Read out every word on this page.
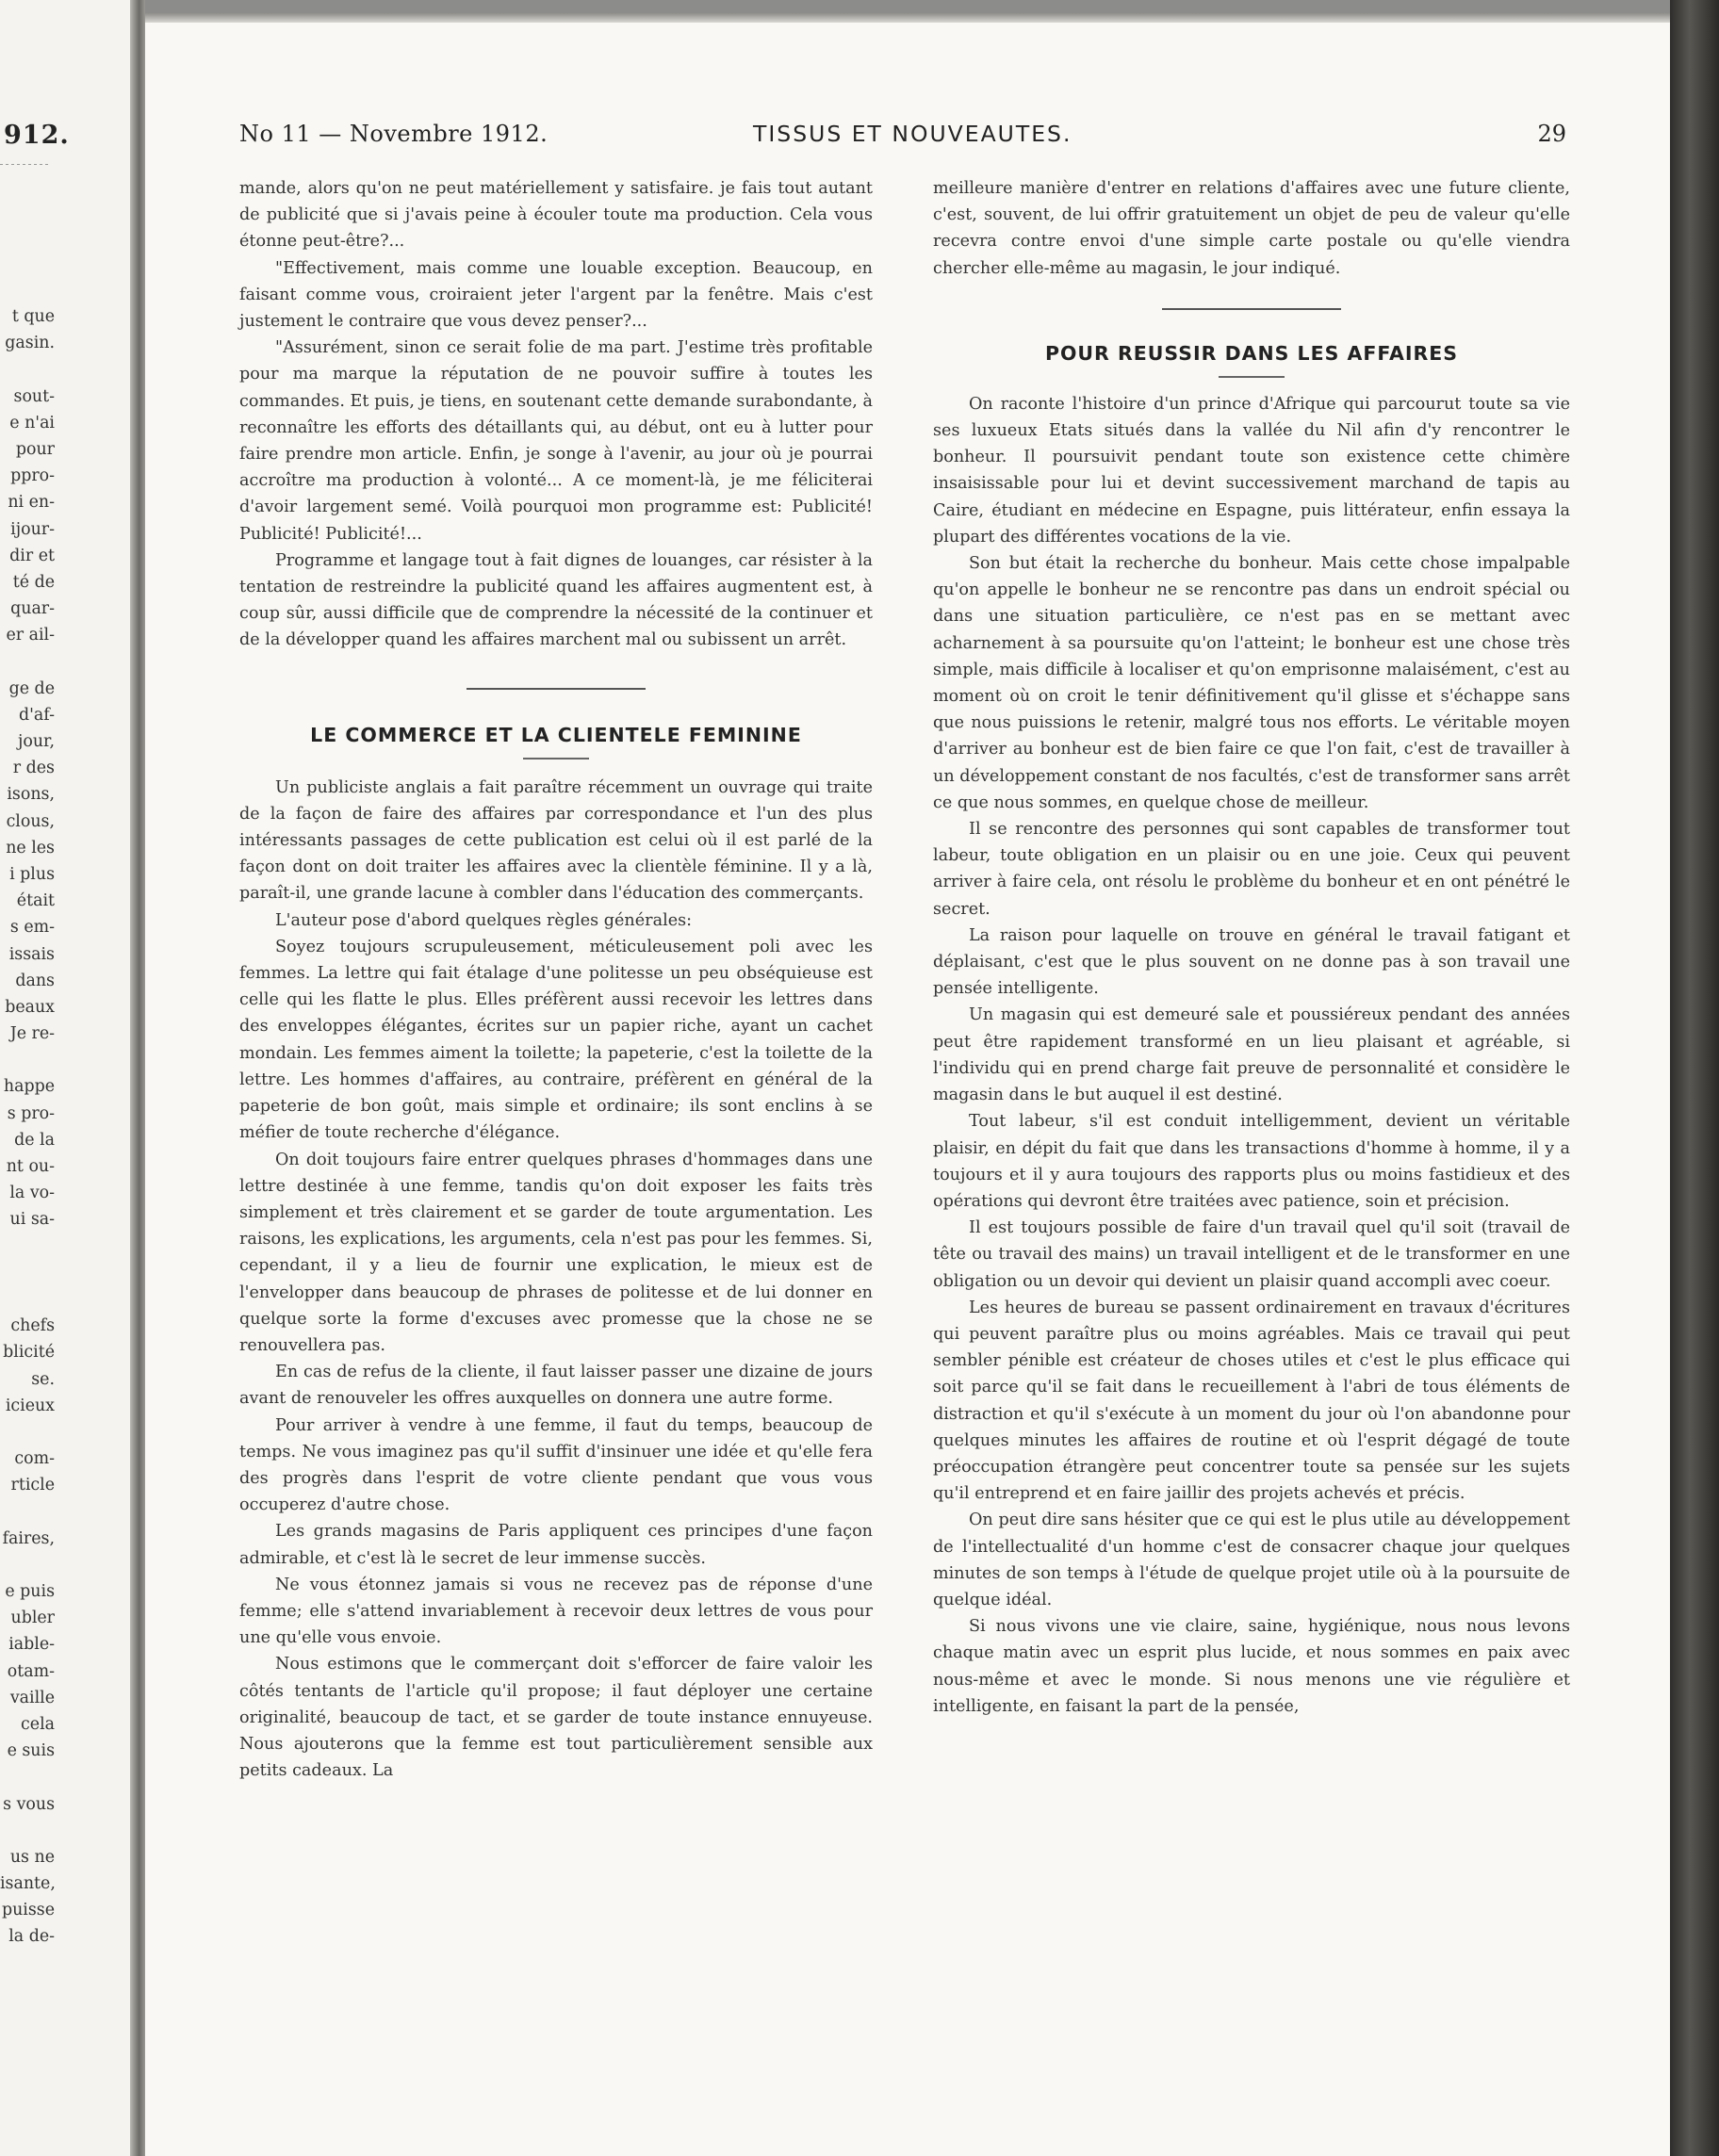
912.
t que
gasin.
sout-
e n'ai
pour
ppro-
ni en-
ijour-
dir et
té de
quar-
er ail-
ge de
d'af-
jour,
r des
isons,
clous,
ne les
i plus
était
s em-
issais
dans
beaux
Je re-
happe
s pro-
de la
nt ou-
la vo-
ui sa-
chefs
blicité
se.
icieux
com-
rticle
faires,
e puis
ubler
iable-
otam-
vaille
cela
e suis
s vous
us ne
isante,
puisse
la de-
No 11 — Novembre 1912.	TISSUS ET NOUVEAUTES.	29

mande, alors qu'on ne peut matériellement y satisfaire. je fais tout autant de publicité que si j'avais peine à écouler toute ma production. Cela vous étonne peut-être?...

"Effectivement, mais comme une louable exception. Beaucoup, en faisant comme vous, croiraient jeter l'argent par la fenêtre. Mais c'est justement le contraire que vous devez penser?...

"Assurément, sinon ce serait folie de ma part. J'estime très profitable pour ma marque la réputation de ne pouvoir suffire à toutes les commandes. Et puis, je tiens, en soutenant cette demande surabondante, à reconnaître les efforts des détaillants qui, au début, ont eu à lutter pour faire prendre mon article. Enfin, je songe à l'avenir, au jour où je pourrai accroître ma production à volonté... A ce moment-là, je me féliciterai d'avoir largement semé. Voilà pourquoi mon programme est: Publicité! Publicité! Publicité!...

Programme et langage tout à fait dignes de louanges, car résister à la tentation de restreindre la publicité quand les affaires augmentent est, à coup sûr, aussi difficile que de comprendre la nécessité de la continuer et de la développer quand les affaires marchent mal ou subissent un arrêt.

LE COMMERCE ET LA CLIENTELE FEMININE

Un publiciste anglais a fait paraître récemment un ouvrage qui traite de la façon de faire des affaires par correspondance et l'un des plus intéressants passages de cette publication est celui où il est parlé de la façon dont on doit traiter les affaires avec la clientèle féminine. Il y a là, paraît-il, une grande lacune à combler dans l'éducation des commerçants.

L'auteur pose d'abord quelques règles générales:

Soyez toujours scrupuleusement, méticuleusement poli avec les femmes. La lettre qui fait étalage d'une politesse un peu obséquieuse est celle qui les flatte le plus. Elles préfèrent aussi recevoir les lettres dans des enveloppes élégantes, écrites sur un papier riche, ayant un cachet mondain. Les femmes aiment la toilette; la papeterie, c'est la toilette de la lettre. Les hommes d'affaires, au contraire, préfèrent en général de la papeterie de bon goût, mais simple et ordinaire; ils sont enclins à se méfier de toute recherche d'élégance.

On doit toujours faire entrer quelques phrases d'hommages dans une lettre destinée à une femme, tandis qu'on doit exposer les faits très simplement et très clairement et se garder de toute argumentation. Les raisons, les explications, les arguments, cela n'est pas pour les femmes. Si, cependant, il y a lieu de fournir une explication, le mieux est de l'envelopper dans beaucoup de phrases de politesse et de lui donner en quelque sorte la forme d'excuses avec promesse que la chose ne se renouvellera pas.

En cas de refus de la cliente, il faut laisser passer une dizaine de jours avant de renouveler les offres auxquelles on donnera une autre forme.

Pour arriver à vendre à une femme, il faut du temps, beaucoup de temps. Ne vous imaginez pas qu'il suffit d'insinuer une idée et qu'elle fera des progrès dans l'esprit de votre cliente pendant que vous vous occuperez d'autre chose.

Les grands magasins de Paris appliquent ces principes d'une façon admirable, et c'est là le secret de leur immense succès.

Ne vous étonnez jamais si vous ne recevez pas de réponse d'une femme; elle s'attend invariablement à recevoir deux lettres de vous pour une qu'elle vous envoie.

Nous estimons que le commerçant doit s'efforcer de faire valoir les côtés tentants de l'article qu'il propose; il faut déployer une certaine originalité, beaucoup de tact, et se garder de toute instance ennuyeuse. Nous ajouterons que la femme est tout particulièrement sensible aux petits cadeaux. La

meilleure manière d'entrer en relations d'affaires avec une future cliente, c'est, souvent, de lui offrir gratuitement un objet de peu de valeur qu'elle recevra contre envoi d'une simple carte postale ou qu'elle viendra chercher elle-même au magasin, le jour indiqué.

POUR REUSSIR DANS LES AFFAIRES

On raconte l'histoire d'un prince d'Afrique qui parcourut toute sa vie ses luxueux Etats situés dans la vallée du Nil afin d'y rencontrer le bonheur. Il poursuivit pendant toute son existence cette chimère insaisissable pour lui et devint successivement marchand de tapis au Caire, étudiant en médecine en Espagne, puis littérateur, enfin essaya la plupart des différentes vocations de la vie.

Son but était la recherche du bonheur. Mais cette chose impalpable qu'on appelle le bonheur ne se rencontre pas dans un endroit spécial ou dans une situation particulière, ce n'est pas en se mettant avec acharnement à sa poursuite qu'on l'atteint; le bonheur est une chose très simple, mais difficile à localiser et qu'on emprisonne malaisément, c'est au moment où on croit le tenir définitivement qu'il glisse et s'échappe sans que nous puissions le retenir, malgré tous nos efforts. Le véritable moyen d'arriver au bonheur est de bien faire ce que l'on fait, c'est de travailler à un développement constant de nos facultés, c'est de transformer sans arrêt ce que nous sommes, en quelque chose de meilleur.

Il se rencontre des personnes qui sont capables de transformer tout labeur, toute obligation en un plaisir ou en une joie. Ceux qui peuvent arriver à faire cela, ont résolu le problème du bonheur et en ont pénétré le secret.

La raison pour laquelle on trouve en général le travail fatigant et déplaisant, c'est que le plus souvent on ne donne pas à son travail une pensée intelligente.

Un magasin qui est demeuré sale et poussiéreux pendant des années peut être rapidement transformé en un lieu plaisant et agréable, si l'individu qui en prend charge fait preuve de personnalité et considère le magasin dans le but auquel il est destiné.

Tout labeur, s'il est conduit intelligemment, devient un véritable plaisir, en dépit du fait que dans les transactions d'homme à homme, il y a toujours et il y aura toujours des rapports plus ou moins fastidieux et des opérations qui devront être traitées avec patience, soin et précision.

Il est toujours possible de faire d'un travail quel qu'il soit (travail de tête ou travail des mains) un travail intelligent et de le transformer en une obligation ou un devoir qui devient un plaisir quand accompli avec coeur.

Les heures de bureau se passent ordinairement en travaux d'écritures qui peuvent paraître plus ou moins agréables. Mais ce travail qui peut sembler pénible est créateur de choses utiles et c'est le plus efficace qui soit parce qu'il se fait dans le recueillement à l'abri de tous éléments de distraction et qu'il s'exécute à un moment du jour où l'on abandonne pour quelques minutes les affaires de routine et où l'esprit dégagé de toute préoccupation étrangère peut concentrer toute sa pensée sur les sujets qu'il entreprend et en faire jaillir des projets achevés et précis.

On peut dire sans hésiter que ce qui est le plus utile au développement de l'intellectualité d'un homme c'est de consacrer chaque jour quelques minutes de son temps à l'étude de quelque projet utile où à la poursuite de quelque idéal.

Si nous vivons une vie claire, saine, hygiénique, nous nous levons chaque matin avec un esprit plus lucide, et nous sommes en paix avec nous-même et avec le monde. Si nous menons une vie régulière et intelligente, en faisant la part de la pensée,
